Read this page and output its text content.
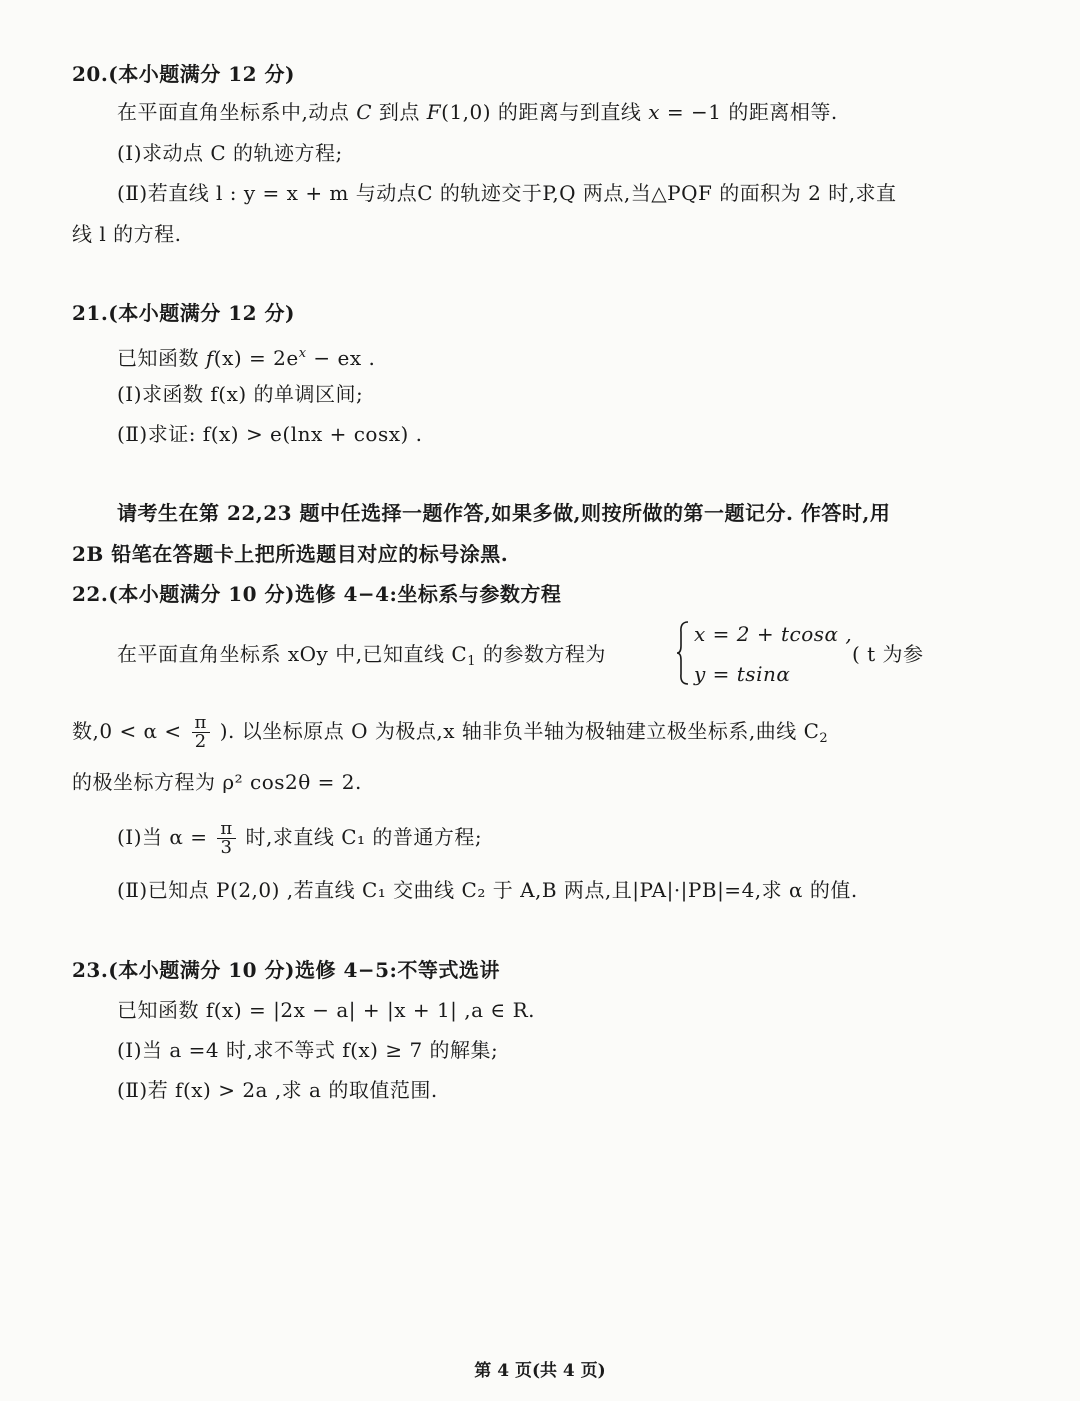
20.(本小题满分 12 分)
在平面直角坐标系中,动点 C 到点 F(1,0) 的距离与到直线 x = −1 的距离相等.
(Ⅰ)求动点 C 的轨迹方程;
(Ⅱ)若直线 l : y = x + m 与动点C 的轨迹交于P,Q 两点,当△PQF 的面积为 2 时,求直
线 l 的方程.
21.(本小题满分 12 分)
已知函数 $f(x) = 2e^x$ − ex .
(Ⅰ)求函数 f(x) 的单调区间;
(Ⅱ)求证: f(x) > e(lnx + cosx) .
请考生在第 22,23 题中任选择一题作答,如果多做,则按所做的第一题记分. 作答时,用
2B 铅笔在答题卡上把所选题目对应的标号涂黑.
22.(本小题满分 10 分)选修 4−4:坐标系与参数方程
在平面直角坐标系 xOy 中,已知直线 $C_1$ 的参数方程为
x = 2 + tcosα ,
y = tsinα
( t 为参
数$,0 < \alpha < \frac{\pi}{2}$ ). 以坐标原点 O 为极点,x 轴非负半轴为极轴建立极坐标系,曲线 $C_2$
的极坐标方程为 ρ² cos2θ = 2.
(Ⅰ)当 $\alpha = \frac{\pi}{3}$ 时,求直线 C₁ 的普通方程;
(Ⅱ)已知点 P(2,0) ,若直线 C₁ 交曲线 C₂ 于 A,B 两点,且|PA|·|PB|=4,求 α 的值.
23.(本小题满分 10 分)选修 4−5:不等式选讲
已知函数 f(x) = |2x − a| + |x + 1| ,a ∈ R.
(Ⅰ)当 a =4 时,求不等式 f(x) ≥ 7 的解集;
(Ⅱ)若 f(x) > 2a ,求 a 的取值范围.
第 4 页(共 4 页)
